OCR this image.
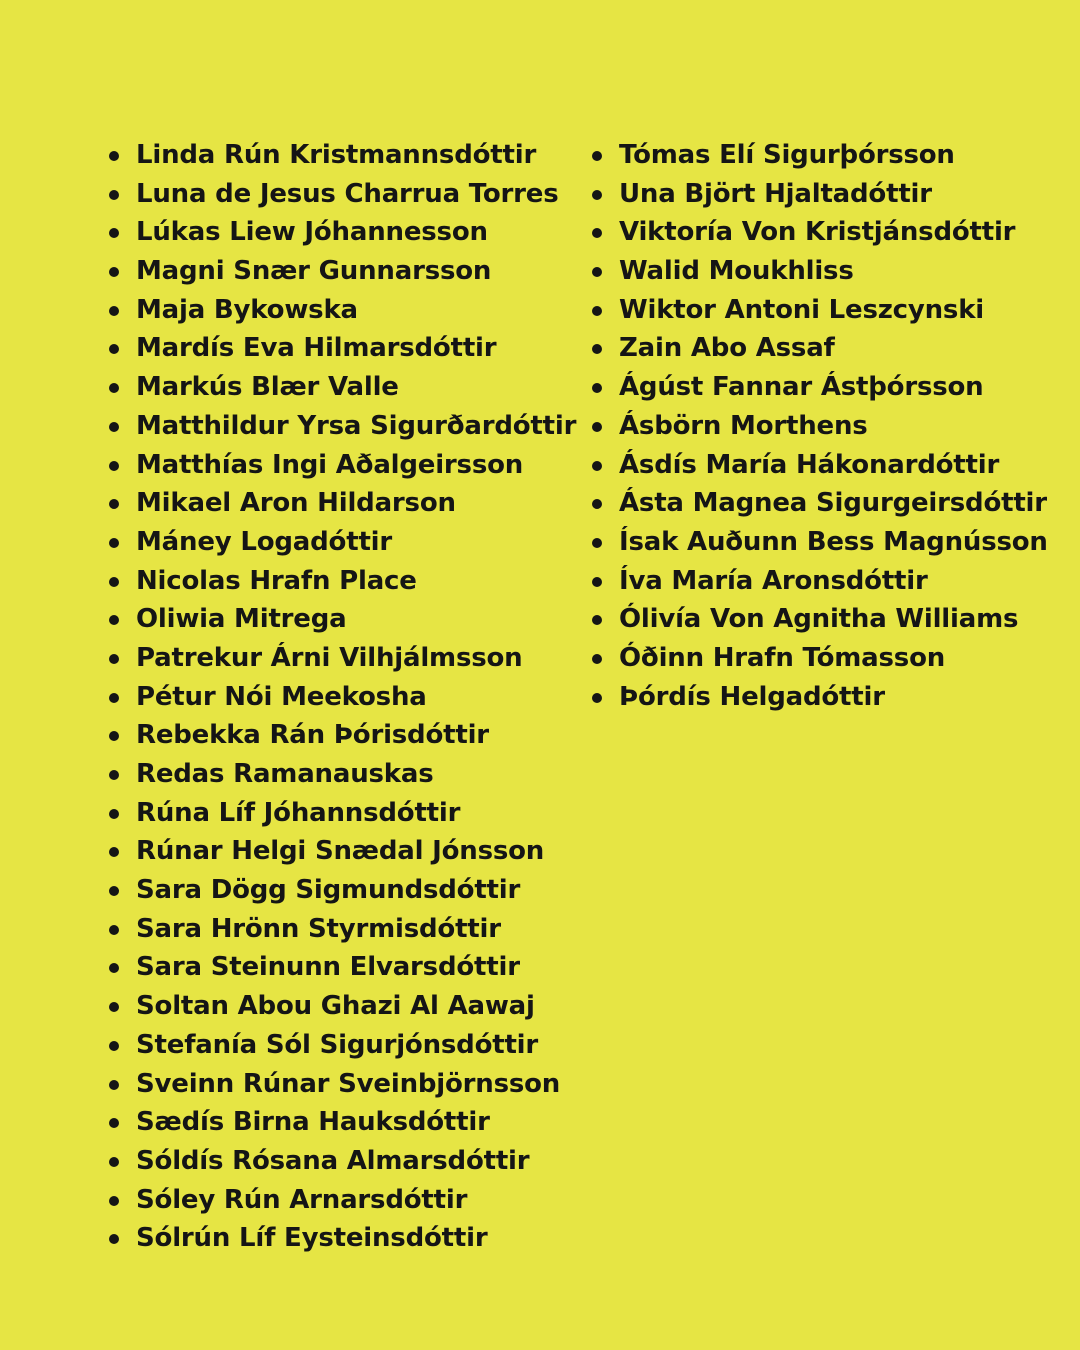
Linda Rún Kristmannsdóttir
Luna de Jesus Charrua Torres
Lúkas Liew Jóhannesson
Magni Snær Gunnarsson
Maja Bykowska
Mardís Eva Hilmarsdóttir
Markús Blær Valle
Matthildur Yrsa Sigurðardóttir
Matthías Ingi Aðalgeirsson
Mikael Aron Hildarson
Máney Logadóttir
Nicolas Hrafn Place
Oliwia Mitrega
Patrekur Árni Vilhjálmsson
Pétur Nói Meekosha
Rebekka Rán Þórisdóttir
Redas Ramanauskas
Rúna Líf Jóhannsdóttir
Rúnar Helgi Snædal Jónsson
Sara Dögg Sigmundsdóttir
Sara Hrönn Styrmisdóttir
Sara Steinunn Elvarsdóttir
Soltan Abou Ghazi Al Aawaj
Stefanía Sól Sigurjónsdóttir
Sveinn Rúnar Sveinbjörnsson
Sædís Birna Hauksdóttir
Sóldís Rósana Almarsdóttir
Sóley Rún Arnarsdóttir
Sólrún Líf Eysteinsdóttir
Tómas Elí Sigurþórsson
Una Björt Hjaltadóttir
Viktoría Von Kristjánsdóttir
Walid Moukhliss
Wiktor Antoni Leszcynski
Zain Abo Assaf
Ágúst Fannar Ástþórsson
Ásbörn Morthens
Ásdís María Hákonardóttir
Ásta Magnea Sigurgeirsdóttir
Ísak Auðunn Bess Magnússon
Íva María Aronsdóttir
Ólivía Von Agnitha Williams
Óðinn Hrafn Tómasson
Þórdís Helgadóttir
